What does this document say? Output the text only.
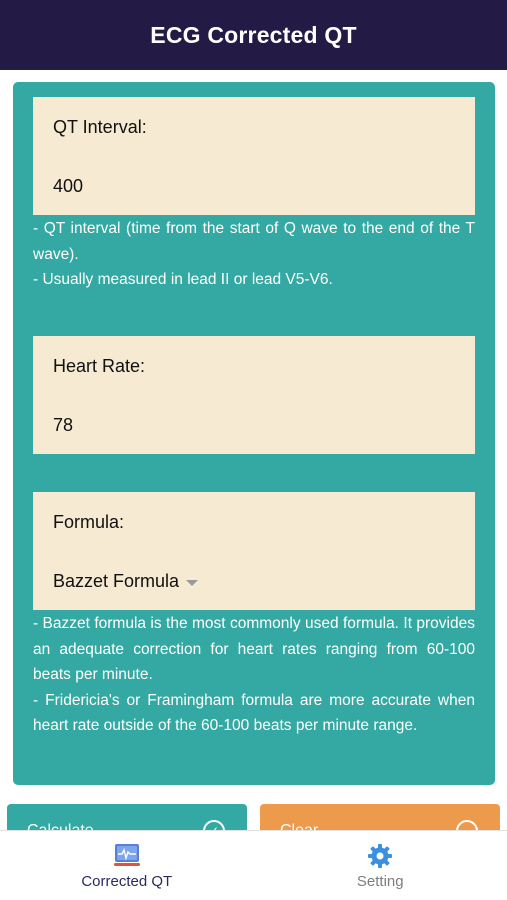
ECG Corrected QT
QT Interval:
400

- QT interval (time from the start of Q wave to the end of the T wave).

- Usually measured in lead II or lead V5-V6.

Heart Rate:
78
Formula:
Bazzet Formula

- Bazzet formula is the most commonly used formula. It provides an adequate correction for heart rates ranging from 60-100 beats per minute.

- Fridericia's or Framingham formula are more accurate when heart rate outside of the 60-100 beats per minute range.

Corrected QT	Setting
